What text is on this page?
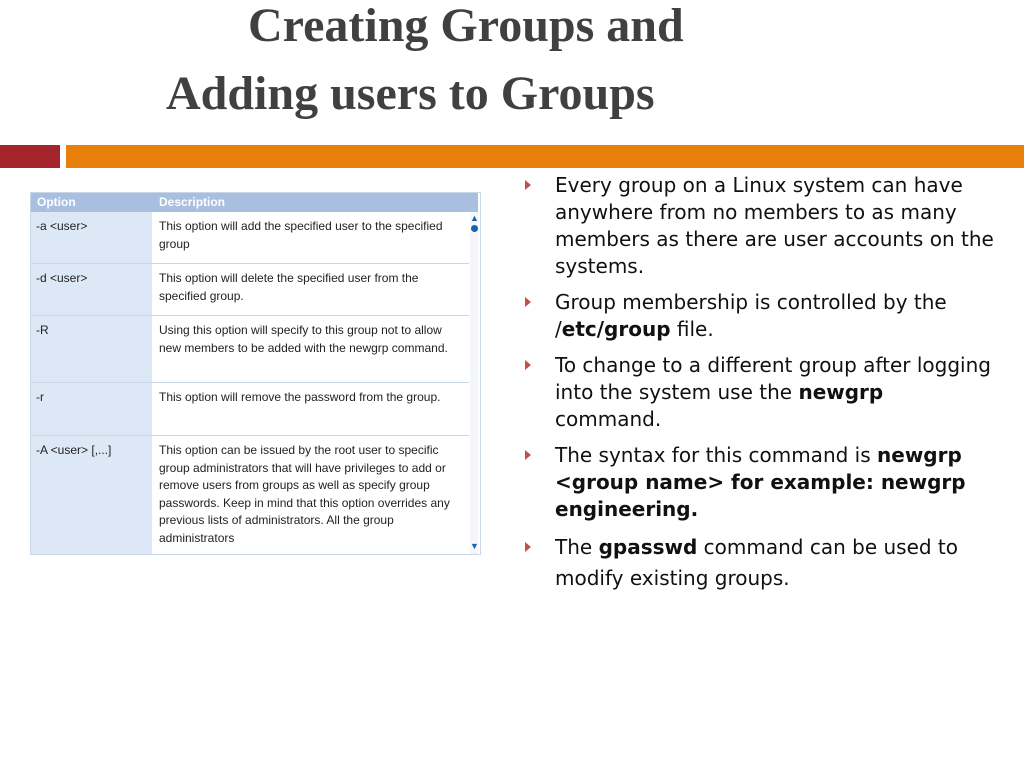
Creating Groups and
Adding users to Groups
Option	Description
-a <user>	This option will add the specified user to the specified group
-d <user>	This option will delete the specified user from the specified group.
-R	Using this option will specify to this group not to allow new members to be added with the newgrp command.
-r	This option will remove the password from the group.
-A <user> [,...]	This option can be issued by the root user to specific group administrators that will have privileges to add or remove users from groups as well as specify group passwords. Keep in mind that this option overrides any previous lists of administrators. All the group administrators
▲
▼
Every group on a Linux system can have anywhere from no members to as many members as there are user accounts on the systems.
Group membership is controlled by the /etc/group file.
To change to a different group after logging into the system use the newgrp command.
The syntax for this command is newgrp <group name> for example: newgrp engineering.
The gpasswd command can be used to modify existing groups.
